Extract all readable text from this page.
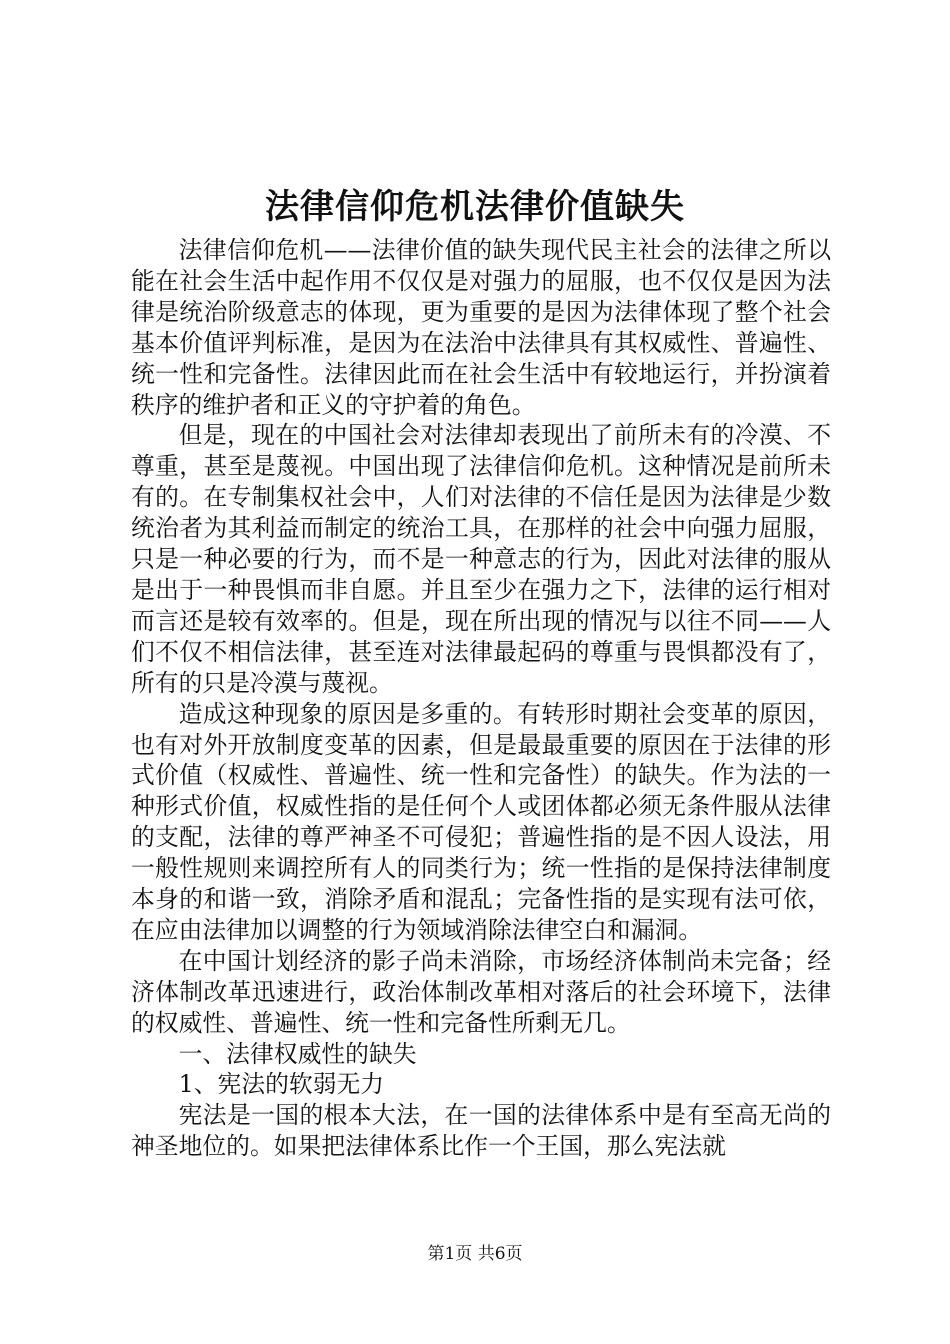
法律信仰危机法律价值缺失

法律信仰危机——法律价值的缺失现代民主社会的法律之所以能在社会生活中起作用不仅仅是对强力的屈服，也不仅仅是因为法律是统治阶级意志的体现，更为重要的是因为法律体现了整个社会基本价值评判标准，是因为在法治中法律具有其权威性、普遍性、统一性和完备性。法律因此而在社会生活中有较地运行，并扮演着秩序的维护者和正义的守护着的角色。

但是，现在的中国社会对法律却表现出了前所未有的冷漠、不尊重，甚至是蔑视。中国出现了法律信仰危机。这种情况是前所未有的。在专制集权社会中，人们对法律的不信任是因为法律是少数统治者为其利益而制定的统治工具，在那样的社会中向强力屈服，只是一种必要的行为，而不是一种意志的行为，因此对法律的服从是出于一种畏惧而非自愿。并且至少在强力之下，法律的运行相对而言还是较有效率的。但是，现在所出现的情况与以往不同——人们不仅不相信法律，甚至连对法律最起码的尊重与畏惧都没有了，所有的只是冷漠与蔑视。

造成这种现象的原因是多重的。有转形时期社会变革的原因，也有对外开放制度变革的因素，但是最最重要的原因在于法律的形式价值（权威性、普遍性、统一性和完备性）的缺失。作为法的一种形式价值，权威性指的是任何个人或团体都必须无条件服从法律的支配，法律的尊严神圣不可侵犯；普遍性指的是不因人设法，用一般性规则来调控所有人的同类行为；统一性指的是保持法律制度本身的和谐一致，消除矛盾和混乱；完备性指的是实现有法可依，在应由法律加以调整的行为领域消除法律空白和漏洞。

在中国计划经济的影子尚未消除，市场经济体制尚未完备；经济体制改革迅速进行，政治体制改革相对落后的社会环境下，法律的权威性、普遍性、统一性和完备性所剩无几。

一、法律权威性的缺失

1、宪法的软弱无力

宪法是一国的根本大法，在一国的法律体系中是有至高无尚的神圣地位的。如果把法律体系比作一个王国，那么宪法就

第1页 共6页
